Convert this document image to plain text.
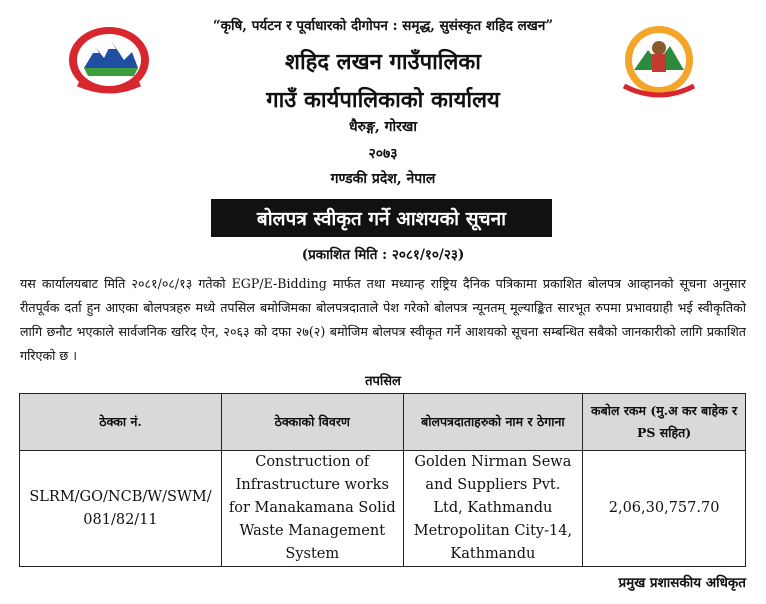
“कृषि, पर्यटन र पूर्वाधारको दीगोपन : समृद्ध, सुसंस्कृत शहिद लखन”
शहिद लखन गाउँपालिका
गाउँ कार्यपालिकाको कार्यालय
धैरुङ्ग, गोरखा
२०७३
गण्डकी प्रदेश, नेपाल
बोलपत्र स्वीकृत गर्ने आशयको सूचना
(प्रकाशित मिति : २०८१/१०/२३)
यस कार्यालयबाट मिति २०८१/०८/१३ गतेको EGP/E-Bidding मार्फत तथा मध्यान्ह राष्ट्रिय दैनिक पत्रिकामा प्रकाशित बोलपत्र आव्हानको सूचना अनुसार रीतपूर्वक दर्ता हुन आएका बोलपत्रहरु मध्ये तपसिल बमोजिमका बोलपत्रदाताले पेश गरेको बोलपत्र न्यूनतम् मूल्याङ्कित सारभूत रुपमा प्रभावग्राही भई स्वीकृतिको लागि छनौट भएकाले सार्वजनिक खरिद ऐन, २०६३ को दफा २७(२) बमोजिम बोलपत्र स्वीकृत गर्ने आशयको सूचना सम्बन्धित सबैको जानकारीको लागि प्रकाशित गरिएको छ ।
तपसिल
ठेक्का नं.	ठेक्काको विवरण	बोलपत्रदाताहरुको नाम र ठेगाना	कबोल रकम (मु.अ कर बाहेक र PS सहित)
SLRM/GO/NCB/W/SWM/ 081/82/11	Construction of Infrastructure works for Manakamana Solid Waste Management System	Golden Nirman Sewa and Suppliers Pvt. Ltd, Kathmandu Metropolitan City-14, Kathmandu	2,06,30,757.70
प्रमुख प्रशासकीय अधिकृत
